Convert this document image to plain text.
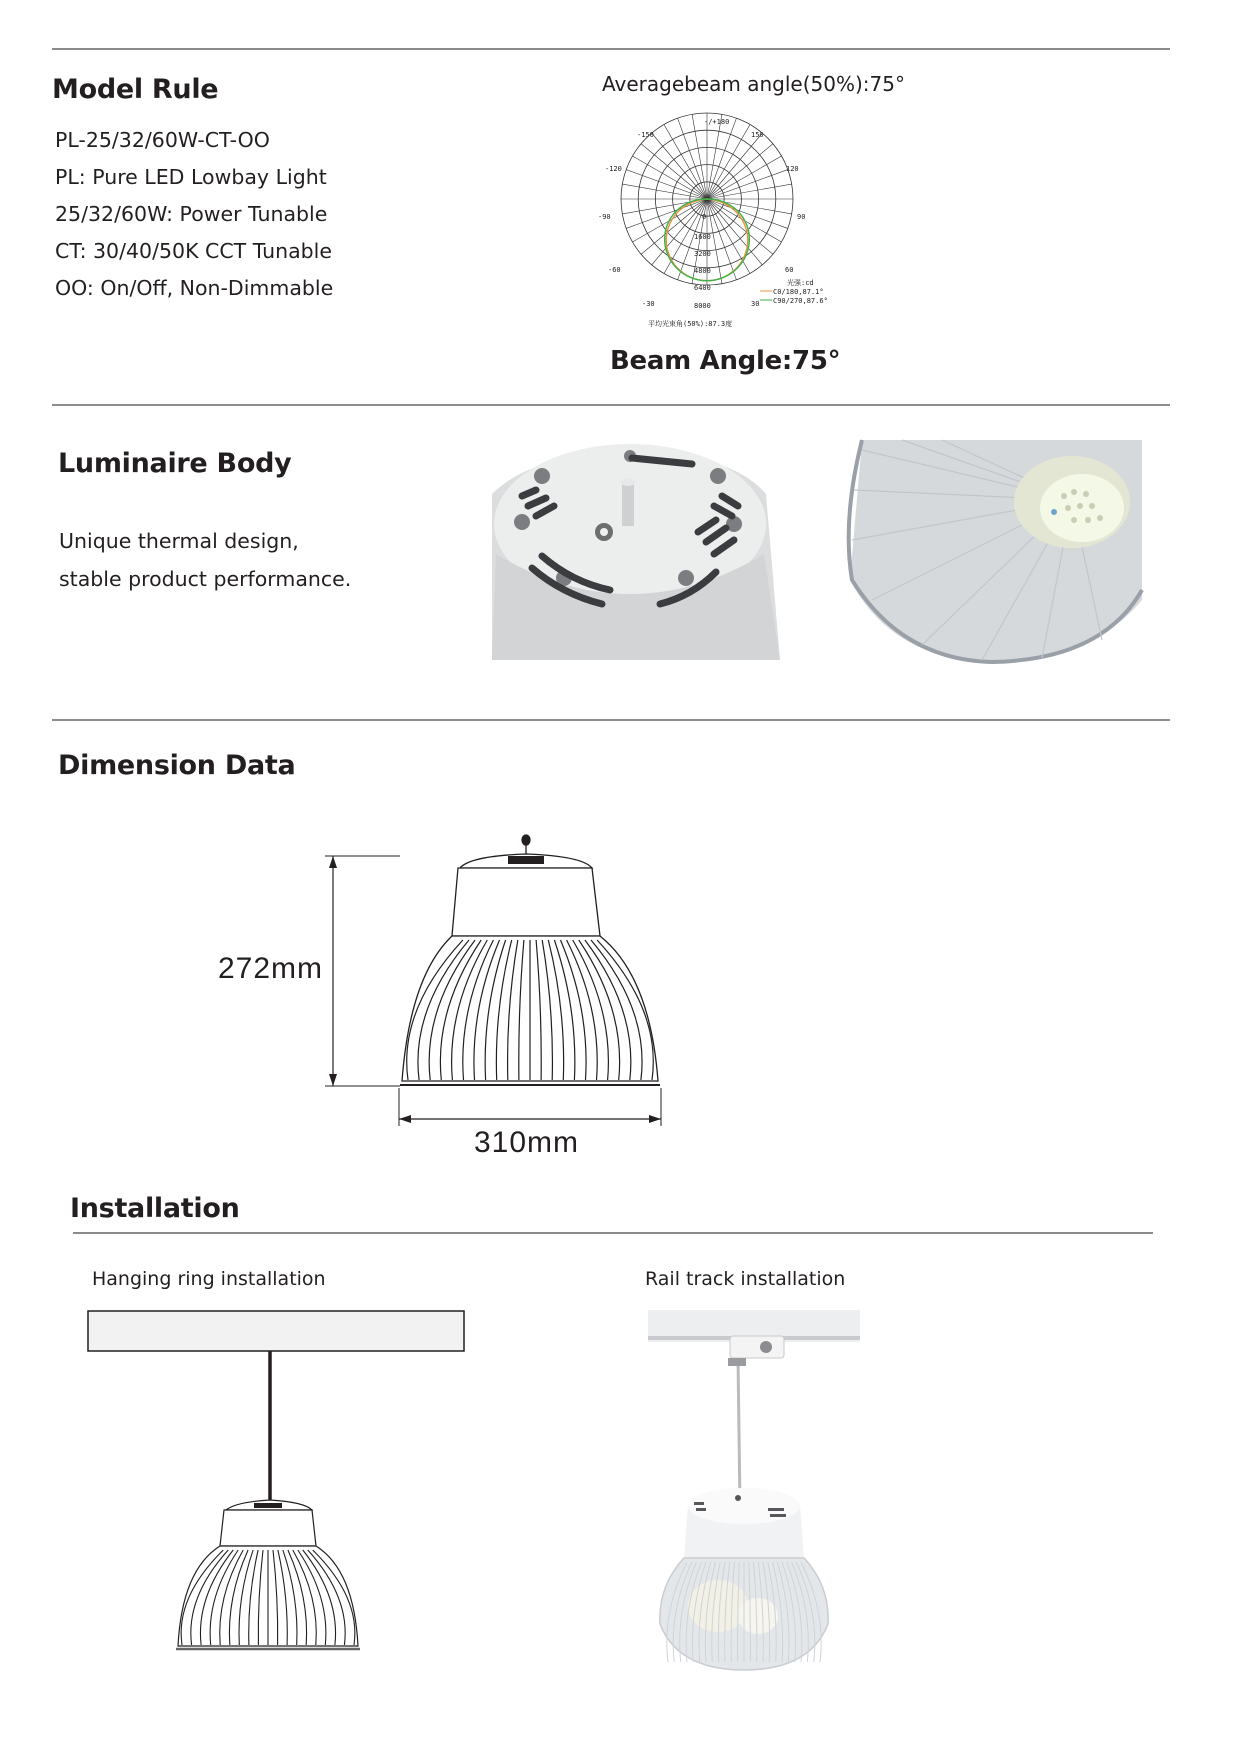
Model Rule
PL-25/32/60W-CT-OO
PL: Pure LED Lowbay Light
25/32/60W: Power Tunable
CT: 30/40/50K CCT Tunable
OO: On/Off, Non-Dimmable
Averagebeam angle(50%):75°
-/+180
-150	150
-120	120
-90	90
-60	60
-30	30
0
1600
3200
4800
6400
8000
光强:cd
C0/180,87.1°
C90/270,87.6°
平均光束角(50%):87.3度
Beam Angle:75°
Luminaire Body
Unique thermal design,
stable product performance.
Dimension Data
272mm
310mm
Installation
Hanging ring installation	Rail track installation
